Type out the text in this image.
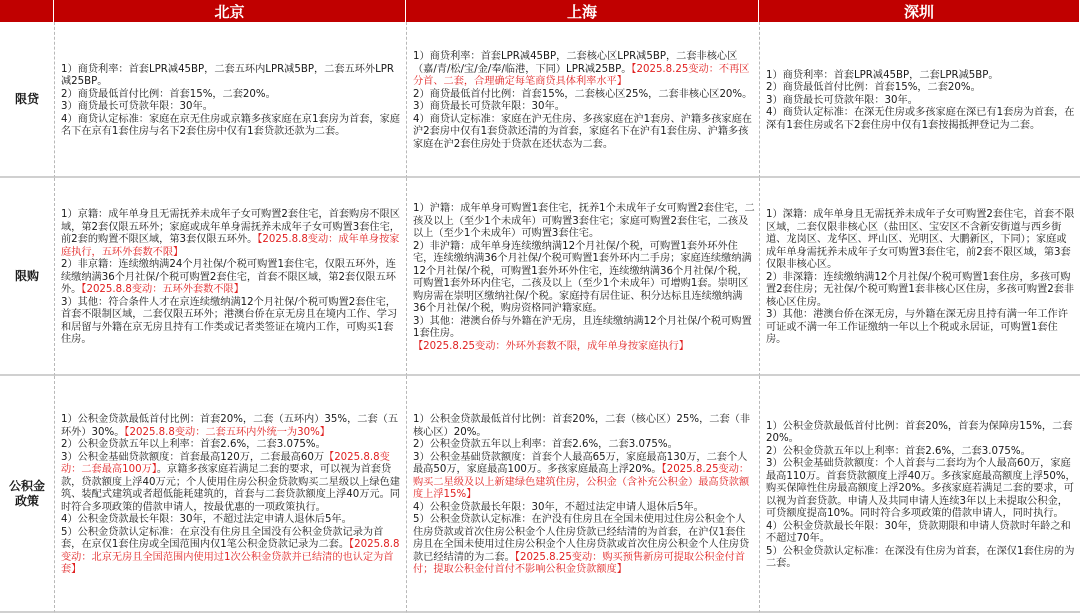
北京	上海	深圳
限贷

1）商贷利率：首套LPR减45BP，二套五环内LPR减5BP，二套五环外LPR减25BP。

2）商贷最低首付比例：首套15%，二套20%。

3）商贷最长可贷款年限：30年。

4）商贷认定标准：家庭在京无住房或京籍多孩家庭在京1套房为首套，家庭名下在京有1套住房与名下2套住房中仅有1套贷款还款为二套。

1）商贷利率：首套LPR减45BP，二套核心区LPR减5BP，二套非核心区（嘉/青/松/宝/金/奉/临港，下同）LPR减25BP。【2025.8.25变动：不再区分首、二套，合理确定每笔商贷具体利率水平】

2）商贷最低首付比例：首套15%，二套核心区25%，二套非核心区20%。

3）商贷最长可贷款年限：30年。

4）商贷认定标准：家庭在沪无住房、多孩家庭在沪1套房、沪籍多孩家庭在沪2套房中仅有1套贷款还清的为首套，家庭名下在沪有1套住房、沪籍多孩家庭在沪2套住房处于贷款在还状态为二套。

1）商贷利率：首套LPR减45BP，二套LPR减5BP。

2）商贷最低首付比例：首套15%，二套20%。

3）商贷最长可贷款年限：30年。

4）商贷认定标准：在深无住房或多孩家庭在深已有1套房为首套，在深有1套住房或名下2套住房中仅有1套按揭抵押登记为二套。

限购

1）京籍：成年单身且无需抚养未成年子女可购置2套住宅，首套购房不限区域，第2套仅限五环外；家庭或成年单身需抚养未成年子女可购置3套住宅，前2套的购置不限区域，第3套仅限五环外。【2025.8.8变动：成年单身按家庭执行，五环外套数不限】

2）非京籍：连续缴纳满24个月社保/个税可购置1套住宅，仅限五环外，连续缴纳满36个月社保/个税可购置2套住宅，首套不限区域，第2套仅限五环外。【2025.8.8变动：五环外套数不限】

3）其他：符合条件人才在京连续缴纳满12个月社保/个税可购置2套住宅，首套不限制区域，二套仅限五环外；港澳台侨在京无房且在境内工作、学习和居留与外籍在京无房且持有工作类或记者类签证在境内工作，可购买1套住房。

1）沪籍：成年单身可购置1套住宅，抚养1个未成年子女可购置2套住宅，二孩及以上（至少1个未成年）可购置3套住宅；家庭可购置2套住宅，二孩及以上（至少1个未成年）可购置3套住宅。

2）非沪籍：成年单身连续缴纳满12个月社保/个税，可购置1套外环外住宅，连续缴纳满36个月社保/个税可购置1套外环内二手房；家庭连续缴纳满12个月社保/个税，可购置1套外环外住宅，连续缴纳满36个月社保/个税，可购置1套外环内住宅，二孩及以上（至少1个未成年）可增购1套。崇明区购房需在崇明区缴纳社保/个税。家庭持有居住证、积分达标且连续缴纳满36个月社保/个税，购房资格同沪籍家庭。

3）其他：港澳台侨与外籍在沪无房，且连续缴纳满12个月社保/个税可购置1套住房。

【2025.8.25变动：外环外套数不限，成年单身按家庭执行】

1）深籍：成年单身且无需抚养未成年子女可购置2套住宅，首套不限区域，二套仅限非核心区（盐田区、宝安区不含新安街道与西乡街道、龙岗区、龙华区、坪山区、光明区、大鹏新区，下同）；家庭或成年单身需抚养未成年子女可购置3套住宅，前2套不限区域，第3套仅限非核心区。

2）非深籍：连续缴纳满12个月社保/个税可购置1套住房，多孩可购置2套住房；无社保/个税可购置1套非核心区住房，多孩可购置2套非核心区住房。

3）其他：港澳台侨在深无房，与外籍在深无房且持有满一年工作许可证或不满一年工作证缴纳一年以上个税或永居证，可购置1套住房。

公积金政策

1）公积金贷款最低首付比例：首套20%，二套（五环内）35%，二套（五环外）30%。【2025.8.8变动：二套五环内外统一为30%】

2）公积金贷款五年以上利率：首套2.6%，二套3.075%。

3）公积金基础贷款额度：首套最高120万，二套最高60万【2025.8.8变动：二套最高100万】。京籍多孩家庭若满足二套的要求，可以视为首套贷款，贷款额度上浮40万元；个人使用住房公积金贷款购买二星级以上绿色建筑、装配式建筑或者超低能耗建筑的，首套与二套贷款额度上浮40万元。同时符合多项政策的借款申请人，按最优惠的一项政策执行。

4）公积金贷款最长年限：30年，不超过法定申请人退休后5年。

5）公积金贷款认定标准：在京没有住房且全国没有公积金贷款记录为首套，在京仅1套住房或全国范围内仅1笔公积金贷款记录为二套。【2025.8.8变动：北京无房且全国范围内使用过1次公积金贷款并已结清的也认定为首套】

1）公积金贷款最低首付比例：首套20%，二套（核心区）25%，二套（非核心区）20%。

2）公积金贷款五年以上利率：首套2.6%，二套3.075%。

3）公积金基础贷款额度：首套个人最高65万，家庭最高130万，二套个人最高50万，家庭最高100万。多孩家庭最高上浮20%。【2025.8.25变动：购买二星级及以上新建绿色建筑住房，公积金（含补充公积金）最高贷款额度上浮15%】

4）公积金贷款最长年限：30年，不超过法定申请人退休后5年。

5）公积金贷款认定标准：在沪没有住房且在全国未使用过住房公积金个人住房贷款或首次住房公积金个人住房贷款已经结清的为首套，在沪仅1套住房且在全国未使用过住房公积金个人住房贷款或首次住房公积金个人住房贷款已经结清的为二套。【2025.8.25变动：购买预售新房可提取公积金付首付；提取公积金付首付不影响公积金贷款额度】

1）公积金贷款最低首付比例：首套20%，首套为保障房15%，二套20%。

2）公积金贷款五年以上利率：首套2.6%，二套3.075%。

3）公积金基础贷款额度：个人首套与二套均为个人最高60万，家庭最高110万。首套贷款额度上浮40万。多孩家庭最高额度上浮50%，购买保障性住房最高额度上浮20%。多孩家庭若满足二套的要求，可以视为首套贷款。申请人及共同申请人连续3年以上未提取公积金，可贷额度提高10%。同时符合多项政策的借款申请人，同时执行。

4）公积金贷款最长年限：30年，贷款期限和申请人贷款时年龄之和不超过70年。

5）公积金贷款认定标准：在深没有住房为首套，在深仅1套住房的为二套。
